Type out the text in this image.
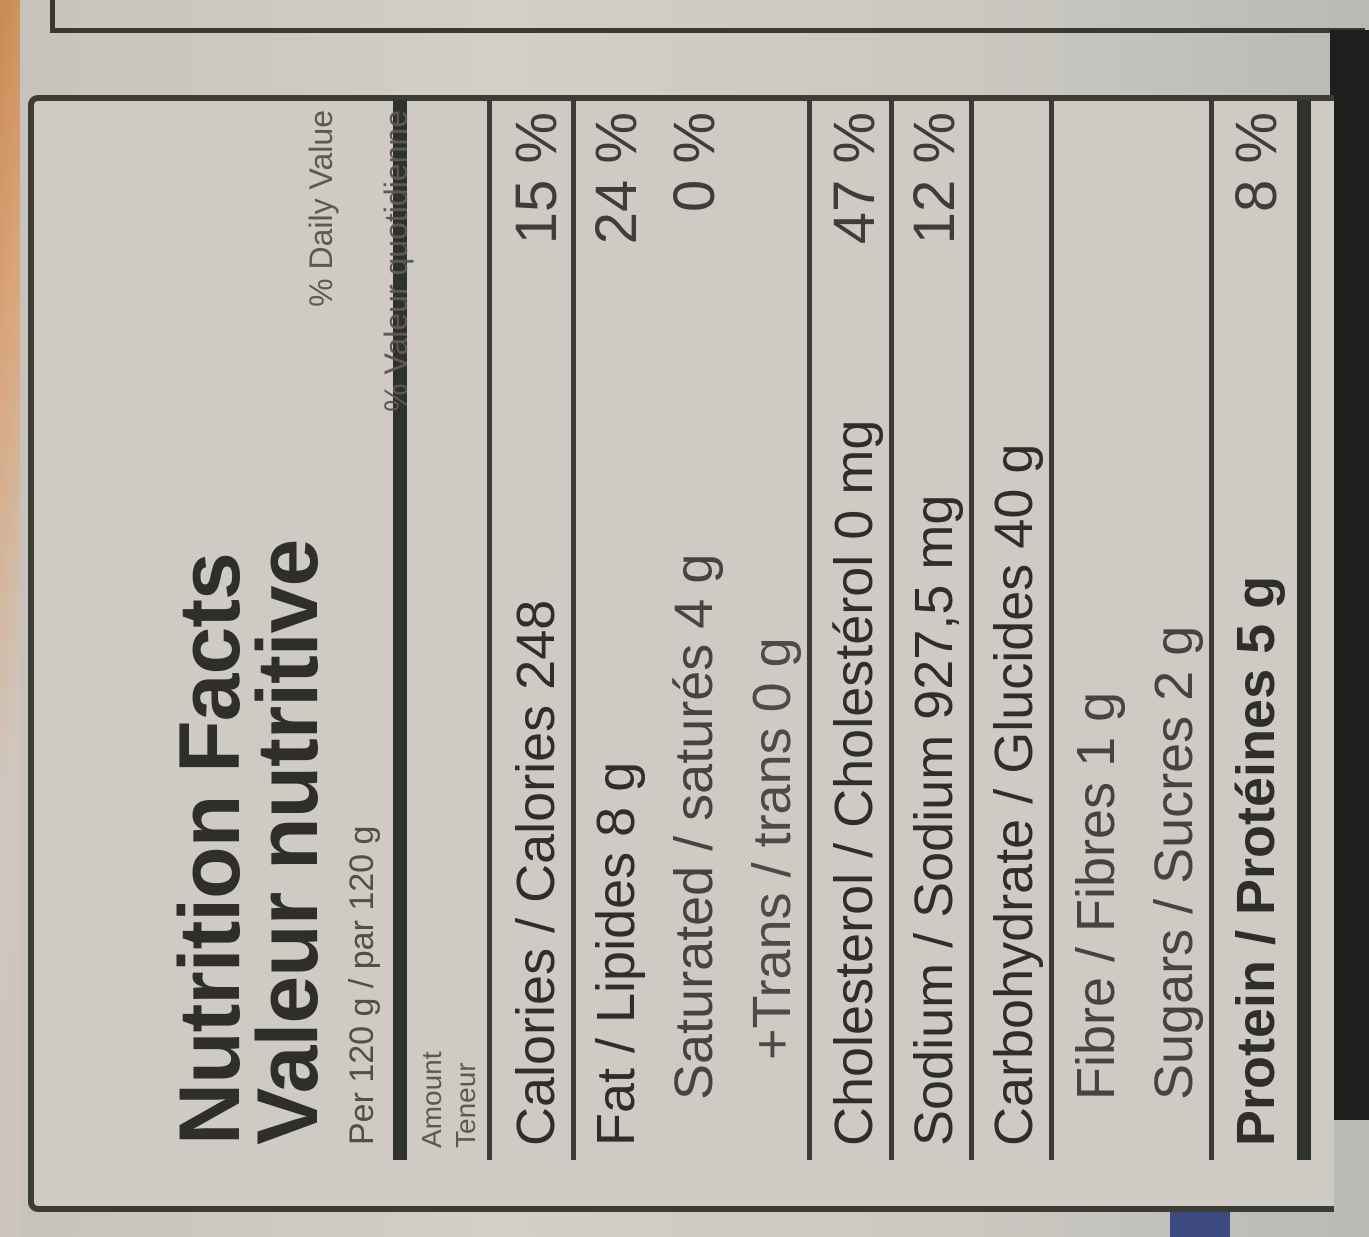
Nutrition Facts
Valeur nutritive Per 120 g / par 120 g Amount Teneur
% Daily Value % Valeur quotidienne
Calories / Calories 248
15 %
Fat / Lipides 8 g
24 %
Saturated / saturés 4 g
+Trans / trans 0 g
0 %
Cholesterol / Cholestérol 0 mg
Sodium / Sodium 927,5 mg
47 %
Carbohydrate / Glucides 40 g
12 %
Fibre / Fibres 1 g Sugars / Sucres 2 g
Protein / Protéines 5 g
8 %
